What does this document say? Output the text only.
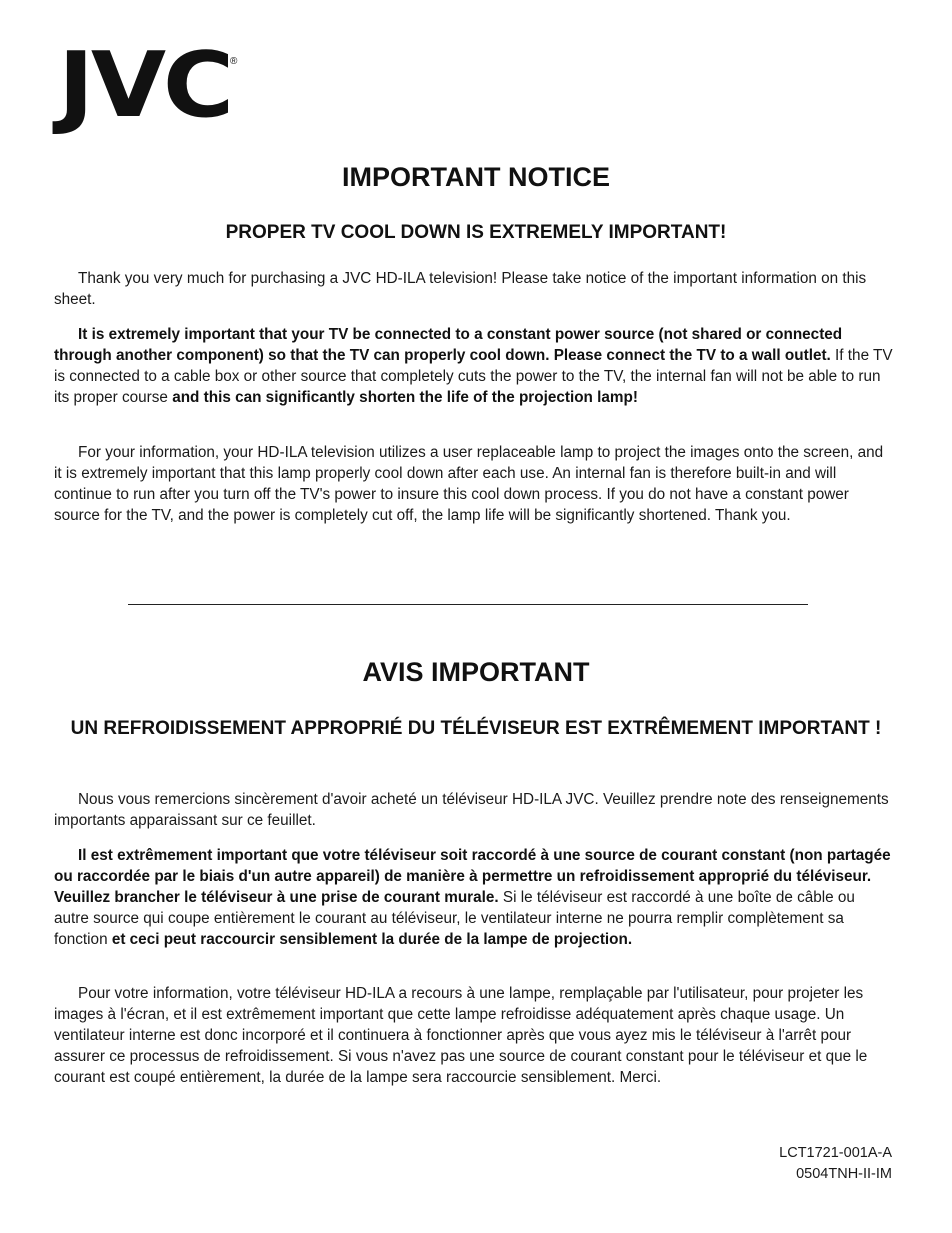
JVC
®
IMPORTANT NOTICE
PROPER TV COOL DOWN IS EXTREMELY IMPORTANT!

Thank you very much for purchasing a JVC HD-ILA television! Please take notice of the important information on this sheet.

It is extremely important that your TV be connected to a constant power source (not shared or connected through another component) so that the TV can properly cool down. Please connect the TV to a wall outlet. If the TV is connected to a cable box or other source that completely cuts the power to the TV, the internal fan will not be able to run its proper course and this can significantly shorten the life of the projection lamp!

For your information, your HD-ILA television utilizes a user replaceable lamp to project the images onto the screen, and it is extremely important that this lamp properly cool down after each use. An internal fan is therefore built-in and will continue to run after you turn off the TV's power to insure this cool down process. If you do not have a constant power source for the TV, and the power is completely cut off, the lamp life will be significantly shortened. Thank you.

AVIS IMPORTANT
UN REFROIDISSEMENT APPROPRIÉ DU TÉLÉVISEUR EST EXTRÊMEMENT IMPORTANT !

Nous vous remercions sincèrement d'avoir acheté un téléviseur HD-ILA JVC. Veuillez prendre note des renseignements importants apparaissant sur ce feuillet.

Il est extrêmement important que votre téléviseur soit raccordé à une source de courant constant (non partagée ou raccordée par le biais d'un autre appareil) de manière à permettre un refroidissement approprié du téléviseur. Veuillez brancher le téléviseur à une prise de courant murale. Si le téléviseur est raccordé à une boîte de câble ou autre source qui coupe entièrement le courant au téléviseur, le ventilateur interne ne pourra remplir complètement sa fonction et ceci peut raccourcir sensiblement la durée de la lampe de projection.

Pour votre information, votre téléviseur HD-ILA a recours à une lampe, remplaçable par l'utilisateur, pour projeter les images à l'écran, et il est extrêmement important que cette lampe refroidisse adéquatement après chaque usage. Un ventilateur interne est donc incorporé et il continuera à fonctionner après que vous ayez mis le téléviseur à l'arrêt pour assurer ce processus de refroidissement. Si vous n'avez pas une source de courant constant pour le téléviseur et que le courant est coupé entièrement, la durée de la lampe sera raccourcie sensiblement. Merci.

LCT1721-001A-A
0504TNH-II-IM
